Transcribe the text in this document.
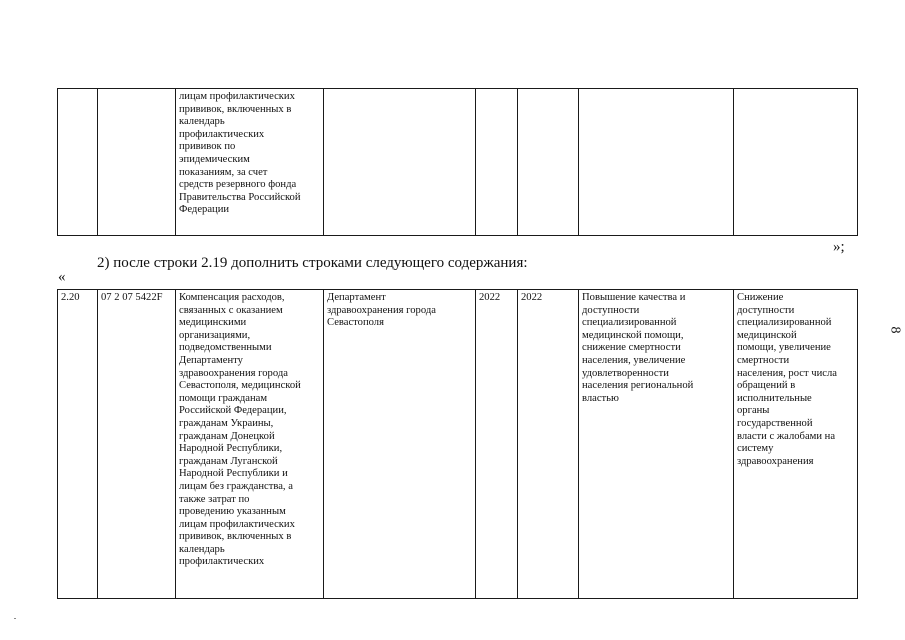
		лицам профилактических
прививок, включенных в
календарь
профилактических
прививок по
эпидемическим
показаниям, за счет
средств резервного фонда
Правительства Российской
Федерации					
»;
2) после строки 2.19 дополнить строками следующего содержания:
«
2.20	07 2 07 5422F	Компенсация расходов,
связанных с оказанием
медицинскими
организациями,
подведомственными
Департаменту
здравоохранения города
Севастополя, медицинской
помощи гражданам
Российской Федерации,
гражданам Украины,
гражданам Донецкой
Народной Республики,
гражданам Луганской
Народной Республики и
лицам без гражданства, а
также затрат по
проведению указанным
лицам профилактических
прививок, включенных в
календарь
профилактических	Департамент
здравоохранения города
Севастополя	2022	2022	Повышение качества и
доступности
специализированной
медицинской помощи,
снижение смертности
населения, увеличение
удовлетворенности
населения региональной
властью	Снижение
доступности
специализированной
медицинской
помощи, увеличение
смертности
населения, рост числа
обращений в
исполнительные
органы
государственной
власти с жалобами на
систему
здравоохранения
8
